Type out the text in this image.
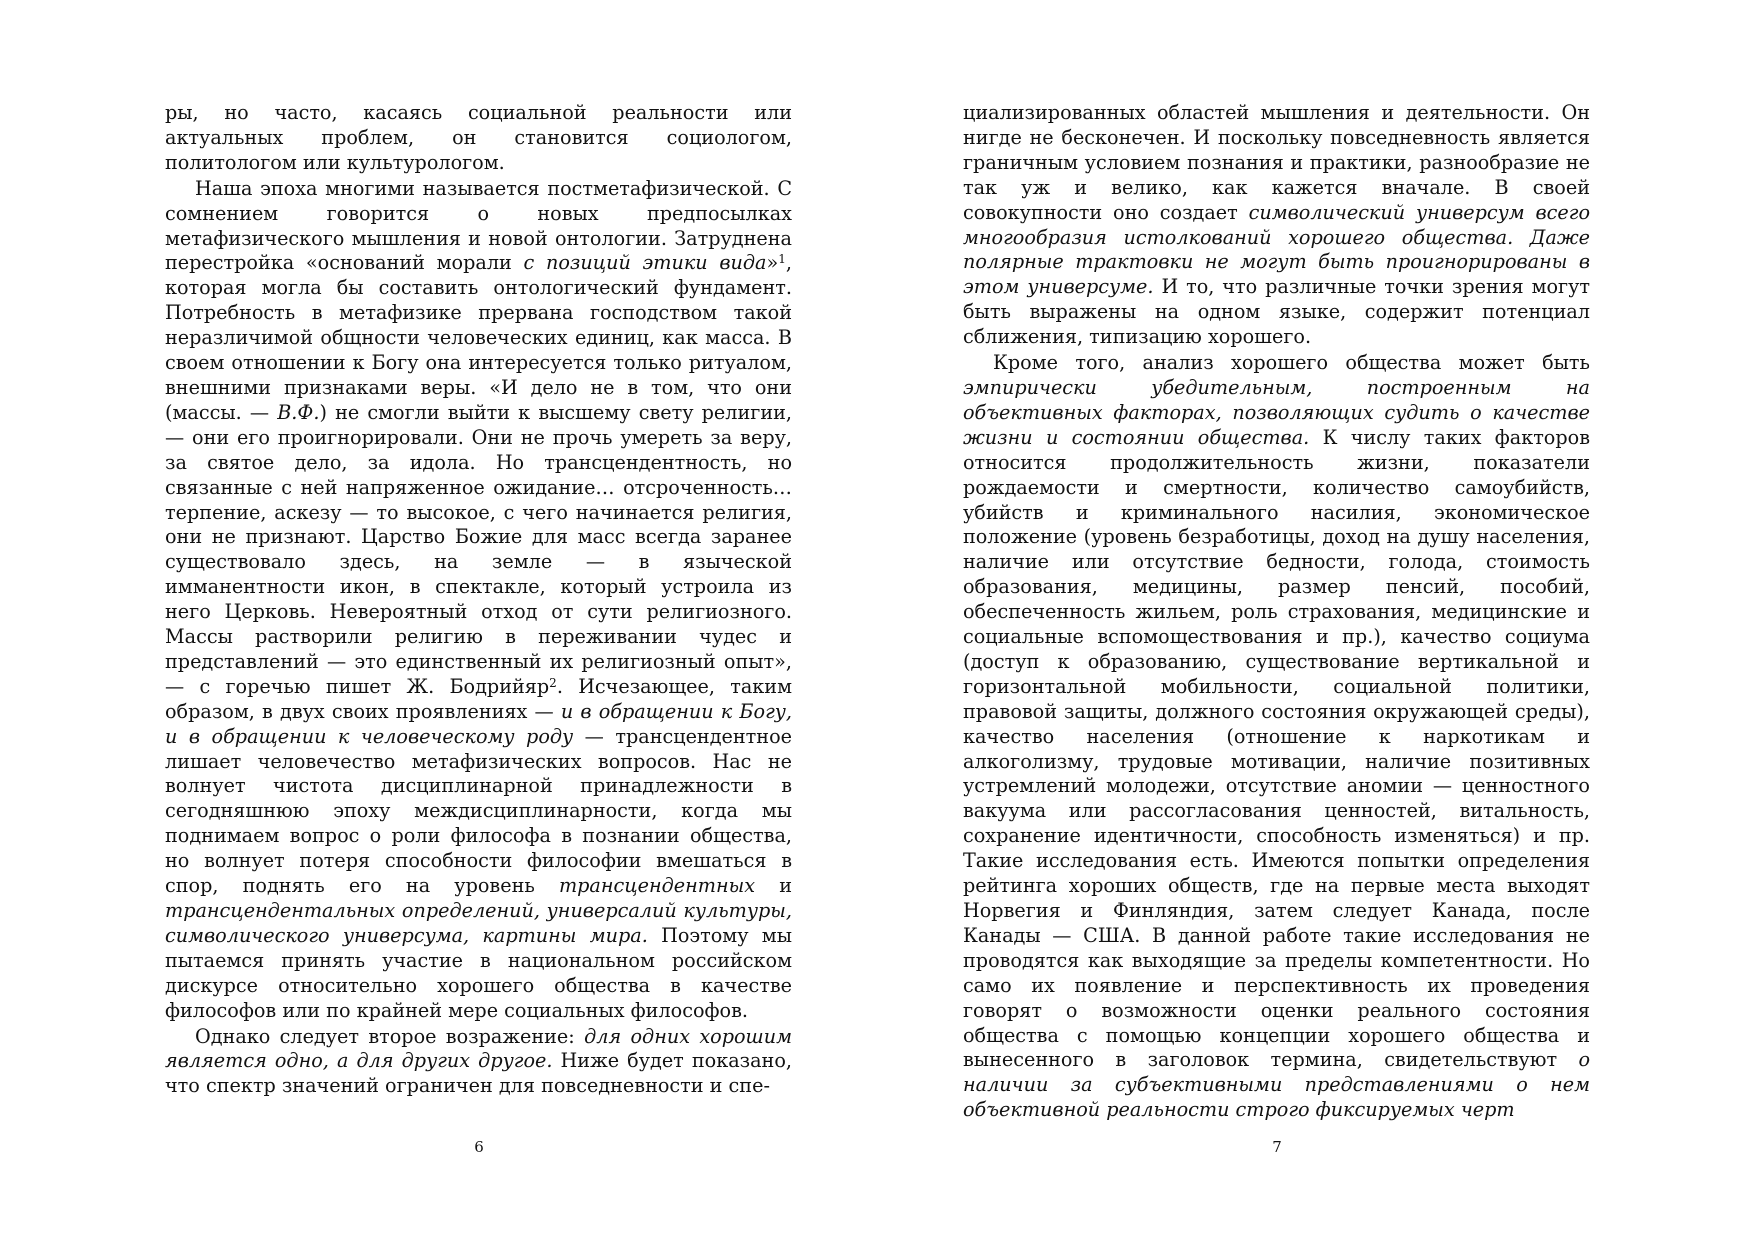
ры, но часто, касаясь социальной реальности или актуальных проблем, он становится социологом, политологом или культурологом.

Наша эпоха многими называется постметафизической. С сомнением говорится о новых предпосылках метафизического мышления и новой онтологии. Затруднена перестройка «оснований морали с позиций этики вида»$^1$, которая могла бы составить онтологический фундамент. Потребность в метафизике прервана господством такой неразличимой общности человеческих единиц, как масса. В своем отношении к Богу она интересуется только ритуалом, внешними признаками веры. «И дело не в том, что они (массы. — В.Ф.) не смогли выйти к высшему свету религии, — они его проигнорировали. Они не прочь умереть за веру, за святое дело, за идола. Но трансцендентность, но связанные с ней напряженное ожидание… отсроченность… терпение, аскезу — то высокое, с чего начинается религия, они не признают. Царство Божие для масс всегда заранее существовало здесь, на земле — в языческой имманентности икон, в спектакле, который устроила из него Церковь. Невероятный отход от сути религиозного. Массы растворили религию в переживании чудес и представлений — это единственный их религиозный опыт», — с горечью пишет Ж. Бодрийяр$^2$. Исчезающее, таким образом, в двух своих проявлениях — и в обращении к Богу, и в обращении к человеческому роду — трансцендентное лишает человечество метафизических вопросов. Нас не волнует чистота дисциплинарной принадлежности в сегодняшнюю эпоху междисциплинарности, когда мы поднимаем вопрос о роли философа в познании общества, но волнует потеря способности философии вмешаться в спор, поднять его на уровень трансцендентных и трансцендентальных определений, универсалий культуры, символического универсума, картины мира. Поэтому мы пытаемся принять участие в национальном российском дискурсе относительно хорошего общества в качестве философов или по крайней мере социальных философов.

Однако следует второе возражение: для одних хорошим является одно, а для других другое. Ниже будет показано, что спектр значений ограничен для повседневности и спе-

6

циализированных областей мышления и деятельности. Он нигде не бесконечен. И поскольку повседневность является граничным условием познания и практики, разнообразие не так уж и велико, как кажется вначале. В своей совокупности оно создает символический универсум всего многообразия истолкований хорошего общества. Даже полярные трактовки не могут быть проигнорированы в этом универсуме. И то, что различные точки зрения могут быть выражены на одном языке, содержит потенциал сближения, типизацию хорошего.

Кроме того, анализ хорошего общества может быть эмпирически убедительным, построенным на объективных факторах, позволяющих судить о качестве жизни и состоянии общества. К числу таких факторов относится продолжительность жизни, показатели рождаемости и смертности, количество самоубийств, убийств и криминального насилия, экономическое положение (уровень безработицы, доход на душу населения, наличие или отсутствие бедности, голода, стоимость образования, медицины, размер пенсий, пособий, обеспеченность жильем, роль страхования, медицинские и социальные вспомоществования и пр.), качество социума (доступ к образованию, существование вертикальной и горизонтальной мобильности, социальной политики, правовой защиты, должного состояния окружающей среды), качество населения (отношение к наркотикам и алкоголизму, трудовые мотивации, наличие позитивных устремлений молодежи, отсутствие аномии — ценностного вакуума или рассогласования ценностей, витальность, сохранение идентичности, способность изменяться) и пр. Такие исследования есть. Имеются попытки определения рейтинга хороших обществ, где на первые места выходят Норвегия и Финляндия, затем следует Канада, после Канады — США. В данной работе такие исследования не проводятся как выходящие за пределы компетентности. Но само их появление и перспективность их проведения говорят о возможности оценки реального состояния общества с помощью концепции хорошего общества и вынесенного в заголовок термина, свидетельствуют о наличии за субъективными представлениями о нем объективной реальности строго фиксируемых черт

7
